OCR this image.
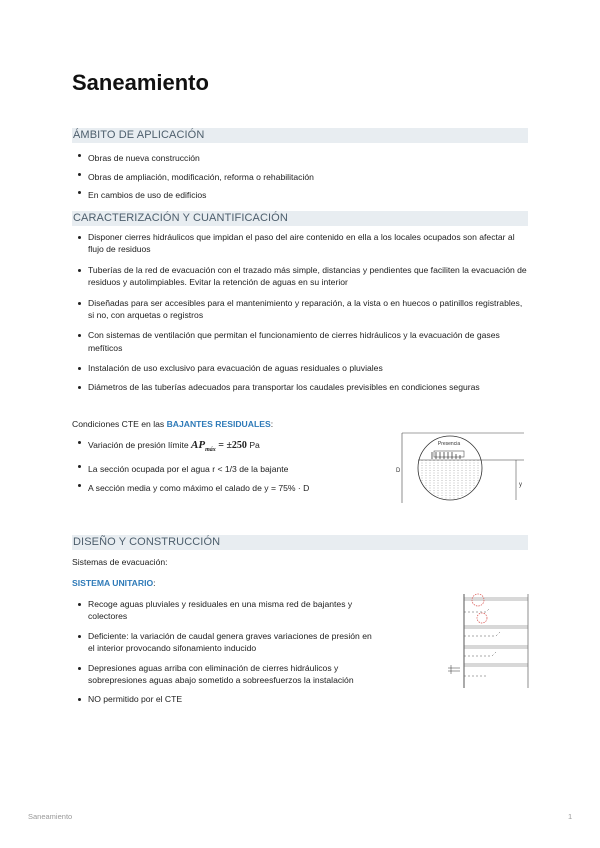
Saneamiento
ÁMBITO DE APLICACIÓN
Obras de nueva construcción
Obras de ampliación, modificación, reforma o rehabilitación
En cambios de uso de edificios
CARACTERIZACIÓN Y CUANTIFICACIÓN
Disponer cierres hidráulicos que impidan el paso del aire contenido en ella a los locales ocupados son afectar al flujo de residuos
Tuberías de la red de evacuación con el trazado más simple, distancias y pendientes que faciliten la evacuación de residuos y autolimpiables. Evitar la retención de aguas en su interior
Diseñadas para ser accesibles para el mantenimiento y reparación, a la vista o en huecos o patinillos registrables, si no, con arquetas o registros
Con sistemas de ventilación que permitan el funcionamiento de cierres hidráulicos y la evacuación de gases mefíticos
Instalación de uso exclusivo para evacuación de aguas residuales o pluviales
Diámetros de las tuberías adecuados para transportar los caudales previsibles en condiciones seguras

Condiciones CTE en las BAJANTES RESIDUALES:

Variación de presión límite $AP_{máx} = \pm 250$ Pa
La sección ocupada por el agua r < 1/3 de la bajante
A sección media y como máximo el calado de y = 75% · D
Presencia
D
y
DISEÑO Y CONSTRUCCIÓN

Sistemas de evacuación:

SISTEMA UNITARIO:

Recoge aguas pluviales y residuales en una misma red de bajantes y colectores
Deficiente: la variación de caudal genera graves variaciones de presión en el interior provocando sifonamiento inducido
Depresiones aguas arriba con eliminación de cierres hidráulicos y sobrepresiones aguas abajo sometido a sobreesfuerzos la instalación
NO permitido por el CTE
Saneamiento	1
